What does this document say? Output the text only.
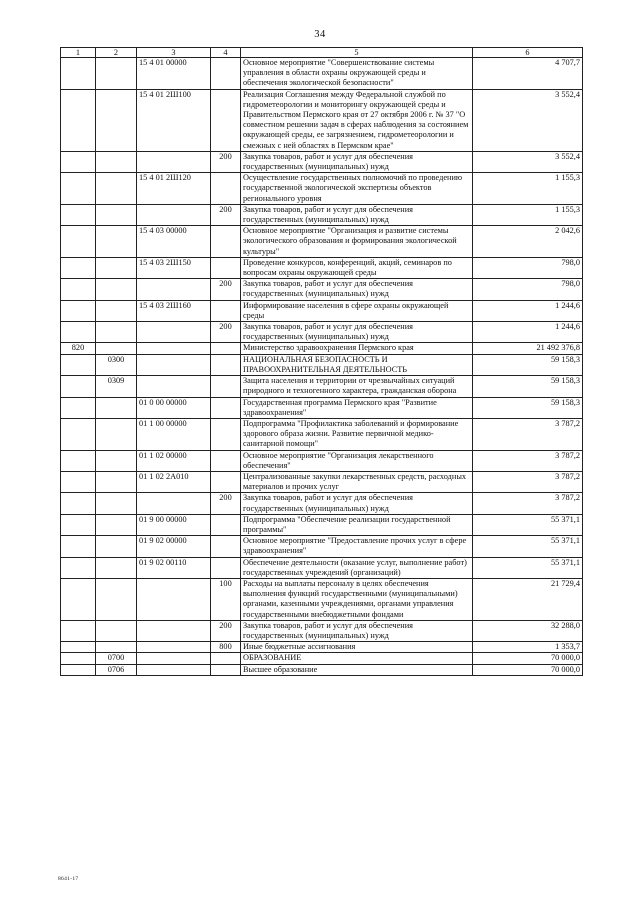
34
1	2	3	4	5	6
		15 4 01 00000		Основное мероприятие "Совершенствование системы управления в области охраны окружающей среды и обеспечения экологической безопасности"	4 707,7
		15 4 01 2Ш100		Реализация Соглашения между Федеральной службой по гидрометеорологии и мониторингу окружающей среды и Правительством Пермского края от 27 октября 2006 г. № 37 "О совместном решении задач в сферах наблюдения за состоянием окружающей среды, ее загрязнением, гидрометеорологии и смежных с ней областях в Пермском крае"	3 552,4
			200	Закупка товаров, работ и услуг для обеспечения государственных (муниципальных) нужд	3 552,4
		15 4 01 2Ш120		Осуществление государственных полномочий по проведению государственной экологической экспертизы объектов регионального уровня	1 155,3
			200	Закупка товаров, работ и услуг для обеспечения государственных (муниципальных) нужд	1 155,3
		15 4 03 00000		Основное мероприятие "Организация и развитие системы экологического образования и формирования экологической культуры"	2 042,6
		15 4 03 2Ш150		Проведение конкурсов, конференций, акций, семинаров по вопросам охраны окружающей среды	798,0
			200	Закупка товаров, работ и услуг для обеспечения государственных (муниципальных) нужд	798,0
		15 4 03 2Ш160		Информирование населения в сфере охраны окружающей среды	1 244,6
			200	Закупка товаров, работ и услуг для обеспечения государственных (муниципальных) нужд	1 244,6
820				Министерство здравоохранения Пермского края	21 492 376,8
	0300			НАЦИОНАЛЬНАЯ БЕЗОПАСНОСТЬ И ПРАВООХРАНИТЕЛЬНАЯ ДЕЯТЕЛЬНОСТЬ	59 158,3
	0309			Защита населения и территории от чрезвычайных ситуаций природного и техногенного характера, гражданская оборона	59 158,3
		01 0 00 00000		Государственная программа Пермского края "Развитие здравоохранения"	59 158,3
		01 1 00 00000		Подпрограмма "Профилактика заболеваний и формирование здорового образа жизни. Развитие первичной медико-санитарной помощи"	3 787,2
		01 1 02 00000		Основное мероприятие "Организация лекарственного обеспечения"	3 787,2
		01 1 02 2А010		Централизованные закупки лекарственных средств, расходных материалов и прочих услуг	3 787,2
			200	Закупка товаров, работ и услуг для обеспечения государственных (муниципальных) нужд	3 787,2
		01 9 00 00000		Подпрограмма "Обеспечение реализации государственной программы"	55 371,1
		01 9 02 00000		Основное мероприятие "Предоставление прочих услуг в сфере здравоохранения"	55 371,1
		01 9 02 00110		Обеспечение деятельности (оказание услуг, выполнение работ) государственных учреждений (организаций)	55 371,1
			100	Расходы на выплаты персоналу в целях обеспечения выполнения функций государственными (муниципальными) органами, казенными учреждениями, органами управления государственными внебюджетными фондами	21 729,4
			200	Закупка товаров, работ и услуг для обеспечения государственных (муниципальных) нужд	32 288,0
			800	Иные бюджетные ассигнования	1 353,7
	0700			ОБРАЗОВАНИЕ	70 000,0
	0706			Высшее образование	70 000,0
8641-17
